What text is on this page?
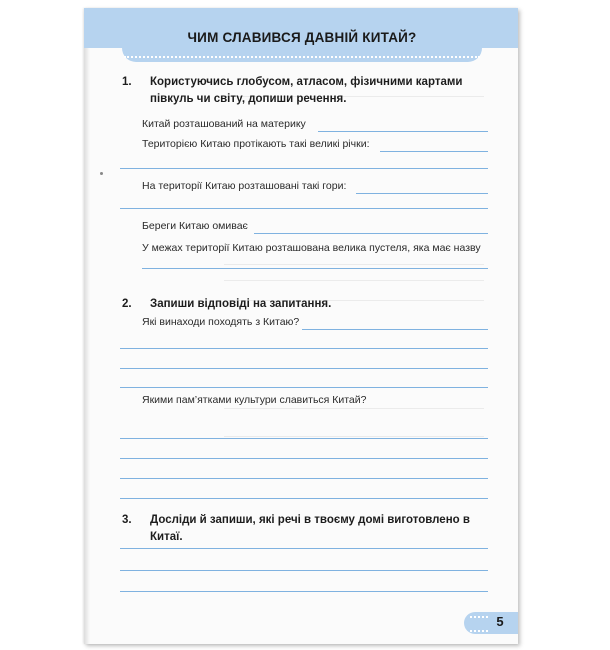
ЧИМ СЛАВИВСЯ ДАВНІЙ КИТАЙ?
1. Користуючись глобусом, атласом, фізичними картами півкуль чи світу, допиши речення.
Китай розташований на материку
Територією Китаю протікають такі великі річки:
На території Китаю розташовані такі гори:
Береги Китаю омиває
У межах території Китаю розташована велика пустеля, яка має назву
2. Запиши відповіді на запитання.
Які винаходи походять з Китаю?
Якими пам’ятками культури славиться Китай?
3. Досліди й запиши, які речі в твоєму домі виготовлено в Китаї.
5
